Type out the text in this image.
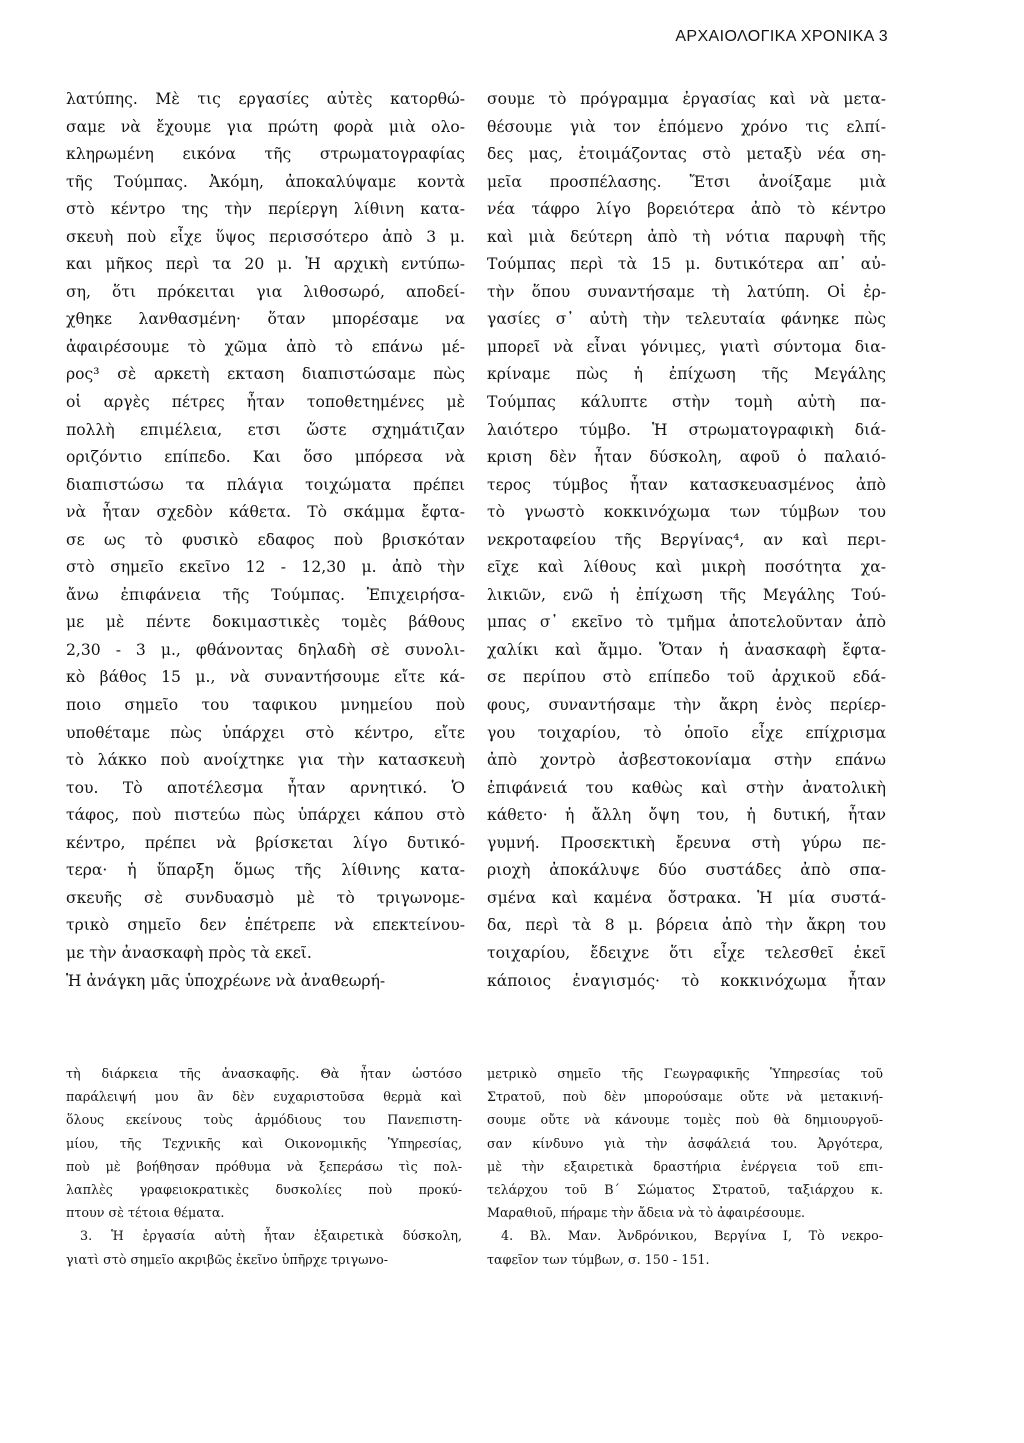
ΑΡΧΑΙΟΛΟΓΙΚΑ ΧΡΟΝΙΚΑ 3
λατύπης. Μὲ τις εργασίες αὐτὲς κατορθώ-
σαμε νὰ ἔχουμε για πρώτη φορὰ μιὰ ολο-
κληρωμένη εικόνα τῆς στρωματογραφίας
τῆς Τούμπας. Ἀκόμη, ἀποκαλύψαμε κοντὰ
στὸ κέντρο της τὴν περίεργη λίθινη κατα-
σκευὴ ποὺ εἶχε ὕψος περισσότερο ἀπὸ 3 μ.
και μῆκος περὶ τα 20 μ. Ἡ αρχικὴ εντύπω-
ση, ὅτι πρόκειται για λιθοσωρό, αποδεί-
χθηκε λανθασμένη· ὅταν μπορέσαμε να
ἀφαιρέσουμε τὸ χῶμα ἀπὸ τὸ επάνω μέ-
ρος³ σὲ αρκετὴ εκταση διαπιστώσαμε πὼς
οἱ αργὲς πέτρες ἦταν τοποθετημένες μὲ
πολλὴ επιμέλεια, ετσι ὥστε σχημάτιζαν
οριζόντιο επίπεδο. Και ὅσο μπόρεσα νὰ
διαπιστώσω τα πλάγια τοιχώματα πρέπει
νὰ ἦταν σχεδὸν κάθετα. Τὸ σκάμμα ἔφτα-
σε ως τὸ φυσικὸ εδαφος ποὺ βρισκόταν
στὸ σημεῖο εκεῖνο 12 - 12,30 μ. ἀπὸ τὴν
ἄνω ἐπιφάνεια τῆς Τούμπας. Ἐπιχειρήσα-
με μὲ πέντε δοκιμαστικὲς τομὲς βάθους
2,30 - 3 μ., φθάνοντας δηλαδὴ σὲ συνολι-
κὸ βάθος 15 μ., νὰ συναντήσουμε εἴτε κά-
ποιο σημεῖο του ταφικου μνημείου ποὺ
υποθέταμε πὼς ὑπάρχει στὸ κέντρο, εἴτε
τὸ λάκκο ποὺ ανοίχτηκε για τὴν κατασκευὴ
του. Τὸ αποτέλεσμα ἦταν αρνητικό. Ὁ
τάφος, ποὺ πιστεύω πὼς ὑπάρχει κάπου στὸ
κέντρο, πρέπει νὰ βρίσκεται λίγο δυτικό-
τερα· ἡ ὕπαρξη ὅμως τῆς λίθινης κατα-
σκευῆς σὲ συνδυασμὸ μὲ τὸ τριγωνομε-
τρικὸ σημεῖο δεν ἐπέτρεπε νὰ επεκτείνου-
με τὴν ἀνασκαφὴ πρὸς τὰ εκεῖ.
Ἡ ἀνάγκη μᾶς ὑποχρέωνε νὰ ἀναθεωρή-
σουμε τὸ πρόγραμμα ἐργασίας καὶ νὰ μετα-
θέσουμε γιὰ τον ἑπόμενο χρόνο τις ελπί-
δες μας, ἑτοιμάζοντας στὸ μεταξὺ νέα ση-
μεῖα προσπέλασης. Ἔτσι ἀνοίξαμε μιὰ
νέα τάφρο λίγο βορειότερα ἀπὸ τὸ κέντρο
καὶ μιὰ δεύτερη ἀπὸ τὴ νότια παρυφὴ τῆς
Τούμπας περὶ τὰ 15 μ. δυτικότερα απ᾽ αὐ-
τὴν ὅπου συναντήσαμε τὴ λατύπη. Οἱ ἐρ-
γασίες σ᾽ αὐτὴ τὴν τελευταία φάνηκε πὼς
μπορεῖ νὰ εἶναι γόνιμες, γιατὶ σύντομα δια-
κρίναμε πὼς ἡ ἐπίχωση τῆς Μεγάλης
Τούμπας κάλυπτε στὴν τομὴ αὐτὴ πα-
λαιότερο τύμβο. Ἡ στρωματογραφικὴ διά-
κριση δὲν ἦταν δύσκολη, αφοῦ ὁ παλαιό-
τερος τύμβος ἦταν κατασκευασμένος ἀπὸ
τὸ γνωστὸ κοκκινόχωμα των τύμβων του
νεκροταφείου τῆς Βεργίνας⁴, αν καὶ περι-
εῖχε καὶ λίθους καὶ μικρὴ ποσότητα χα-
λικιῶν, ενῶ ἡ ἐπίχωση τῆς Μεγάλης Τού-
μπας σ᾽ εκεῖνο τὸ τμῆμα ἀποτελοῦνταν ἀπὸ
χαλίκι καὶ ἄμμο. Ὅταν ἡ ἀνασκαφὴ ἔφτα-
σε περίπου στὸ επίπεδο τοῦ ἀρχικοῦ εδά-
φους, συναντήσαμε τὴν ἄκρη ἑνὸς περίερ-
γου τοιχαρίου, τὸ ὁποῖο εἶχε επίχρισμα
ἀπὸ χοντρὸ ἀσβεστοκονίαμα στὴν επάνω
ἐπιφάνειά του καθὼς καὶ στὴν ἀνατολικὴ
κάθετο· ἡ ἄλλη ὄψη του, ἡ δυτική, ἦταν
γυμνή. Προσεκτικὴ ἔρευνα στὴ γύρω πε-
ριοχὴ ἀποκάλυψε δύο συστάδες ἀπὸ σπα-
σμένα καὶ καμένα ὄστρακα. Ἡ μία συστά-
δα, περὶ τὰ 8 μ. βόρεια ἀπὸ τὴν ἄκρη του
τοιχαρίου, ἔδειχνε ὅτι εἶχε τελεσθεῖ ἐκεῖ
κάποιος ἐναγισμός· τὸ κοκκινόχωμα ἦταν
τὴ διάρκεια τῆς ἀνασκαφῆς. Θὰ ἦταν ὡστόσο
παράλειψή μου ἂν δὲν ευχαριστοῦσα θερμὰ καὶ
ὅλους εκείνους τοὺς ἁρμόδιους του Πανεπιστη-
μίου, τῆς Τεχνικῆς καὶ Οικονομικῆς Ὑπηρεσίας,
ποὺ μὲ βοήθησαν πρόθυμα νὰ ξεπεράσω τὶς πολ-
λαπλὲς γραφειοκρατικὲς δυσκολίες ποὺ προκύ-
πτουν σὲ τέτοια θέματα.
3. Ἡ ἐργασία αὐτὴ ἦταν ἐξαιρετικὰ δύσκολη,
γιατὶ στὸ σημεῖο ακριβῶς ἐκεῖνο ὑπῆρχε τριγωνο-
μετρικὸ σημεῖο τῆς Γεωγραφικῆς Ὑπηρεσίας τοῦ
Στρατοῦ, ποὺ δὲν μπορούσαμε οὔτε νὰ μετακινή-
σουμε οὔτε νὰ κάνουμε τομὲς ποὺ θὰ δημιουργοῦ-
σαν κίνδυνο γιὰ τὴν ἀσφάλειά του. Ἀργότερα,
μὲ τὴν εξαιρετικὰ δραστήρια ἐνέργεια τοῦ επι-
τελάρχου τοῦ Β´ Σώματος Στρατοῦ, ταξιάρχου κ.
Μαραθιοῦ, πήραμε τὴν ἄδεια νὰ τὸ ἀφαιρέσουμε.
4. Βλ. Μαν. Ἀνδρόνικου, Βεργίνα Ι, Τὸ νεκρο-
ταφεῖον των τύμβων, σ. 150 - 151.
